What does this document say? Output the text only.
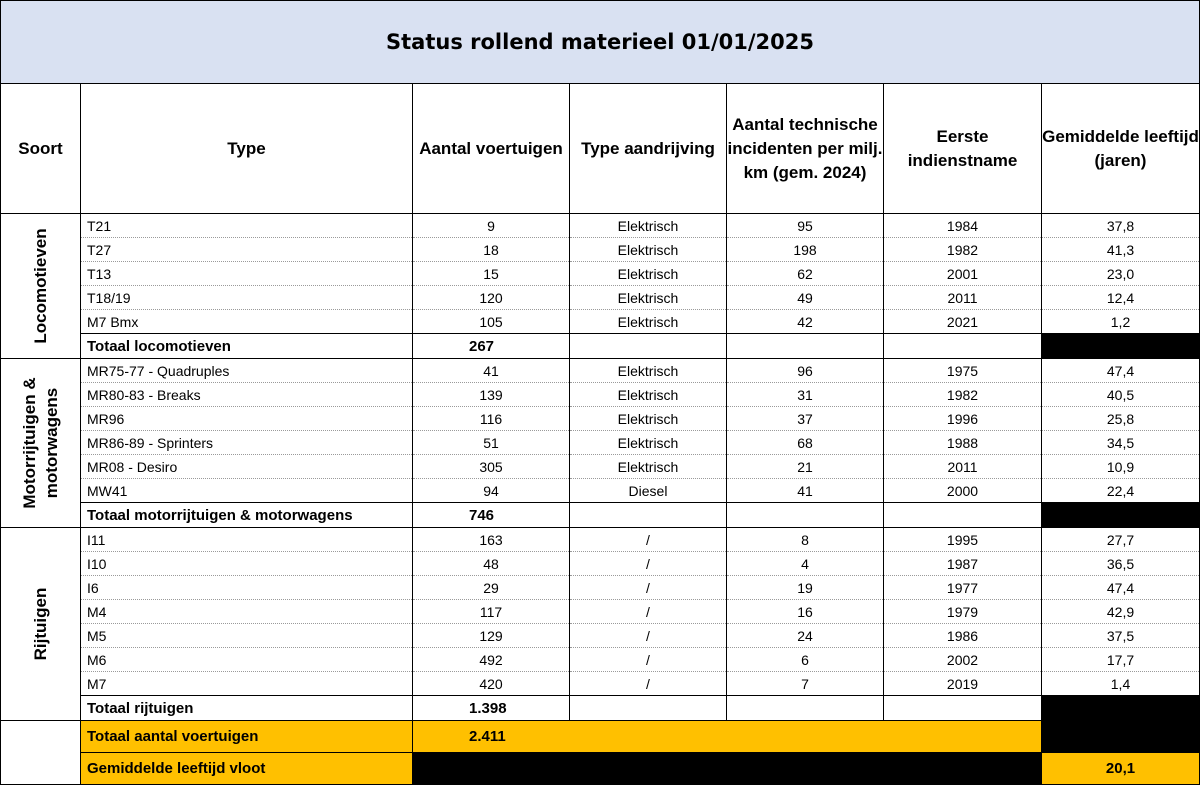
Status rollend materieel 01/01/2025
Soort	Type	Aantal voertuigen	Type aandrijving	Aantal technische incidenten per milj. km (gem. 2024)	Eerste indienstname	Gemiddelde leeftijd (jaren)

Locomotieven	T21	9	Elektrisch	95	1984	37,8
	T27	18	Elektrisch	198	1982	41,3
	T13	15	Elektrisch	62	2001	23,0
	T18/19	120	Elektrisch	49	2011	12,4
	M7 Bmx	105	Elektrisch	42	2021	1,2
	Totaal locomotieven	267				

Motorrijtuigen & motorwagens	MR75-77 - Quadruples	41	Elektrisch	96	1975	47,4
	MR80-83 - Breaks	139	Elektrisch	31	1982	40,5
	MR96	116	Elektrisch	37	1996	25,8
	MR86-89 - Sprinters	51	Elektrisch	68	1988	34,5
	MR08 - Desiro	305	Elektrisch	21	2011	10,9
	MW41	94	Diesel	41	2000	22,4
	Totaal motorrijtuigen & motorwagens	746				

Rijtuigen	I11	163	/	8	1995	27,7
	I10	48	/	4	1987	36,5
	I6	29	/	19	1977	47,4
	M4	117	/	16	1979	42,9
	M5	129	/	24	1986	37,5
	M6	492	/	6	2002	17,7
	M7	420	/	7	2019	1,4
	Totaal rijtuigen	1.398				
	Totaal aantal voertuigen	2.411				
	Gemiddelde leeftijd vloot					20,1
